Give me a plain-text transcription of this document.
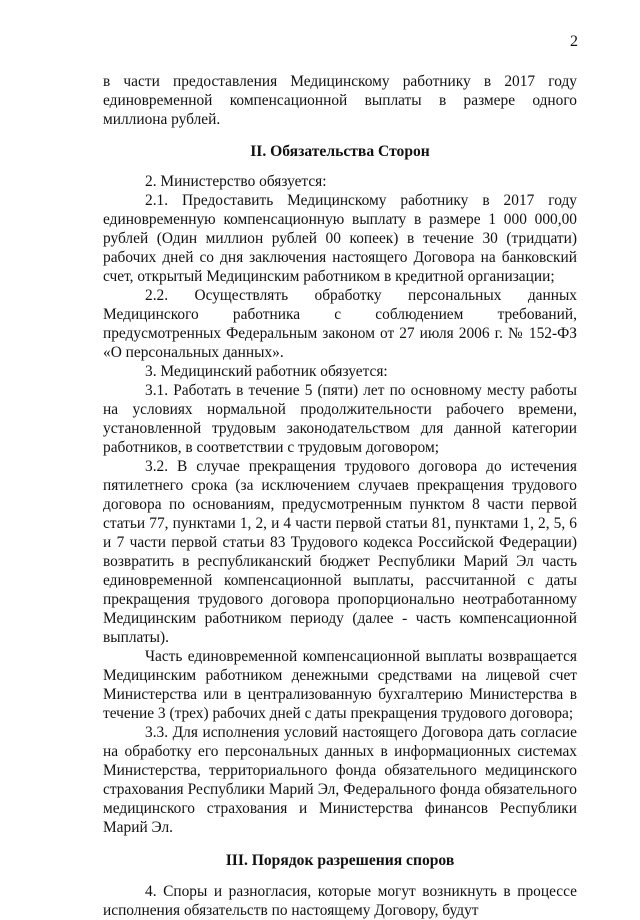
2

в части предоставления Медицинскому работнику в 2017 году единовременной компенсационной выплаты в размере одного миллиона рублей.

II. Обязательства Сторон

2. Министерство обязуется:

2.1. Предоставить Медицинскому работнику в 2017 году единовременную компенсационную выплату в размере 1 000 000,00 рублей (Один миллион рублей 00 копеек) в течение 30 (тридцати) рабочих дней со дня заключения настоящего Договора на банковский счет, открытый Медицинским работником в кредитной организации;

2.2. Осуществлять обработку персональных данных Медицинского работника с соблюдением требований, предусмотренных Федеральным законом от 27 июля 2006 г. № 152-ФЗ «О персональных данных».

3. Медицинский работник обязуется:

3.1. Работать в течение 5 (пяти) лет по основному месту работы на условиях нормальной продолжительности рабочего времени, установленной трудовым законодательством для данной категории работников, в соответствии с трудовым договором;

3.2. В случае прекращения трудового договора до истечения пятилетнего срока (за исключением случаев прекращения трудового договора по основаниям, предусмотренным пунктом 8 части первой статьи 77, пунктами 1, 2, и 4 части первой статьи 81, пунктами 1, 2, 5, 6 и 7 части первой статьи 83 Трудового кодекса Российской Федерации) возвратить в республиканский бюджет Республики Марий Эл часть единовременной компенсационной выплаты, рассчитанной с даты прекращения трудового договора пропорционально неотработанному Медицинским работником периоду (далее - часть компенсационной выплаты).

Часть единовременной компенсационной выплаты возвращается Медицинским работником денежными средствами на лицевой счет Министерства или в централизованную бухгалтерию Министерства в течение 3 (трех) рабочих дней с даты прекращения трудового договора;

3.3. Для исполнения условий настоящего Договора дать согласие на обработку его персональных данных в информационных системах Министерства, территориального фонда обязательного медицинского страхования Республики Марий Эл, Федерального фонда обязательного медицинского страхования и Министерства финансов Республики Марий Эл.

III. Порядок разрешения споров

4. Споры и разногласия, которые могут возникнуть в процессе исполнения обязательств по настоящему Договору, будут
